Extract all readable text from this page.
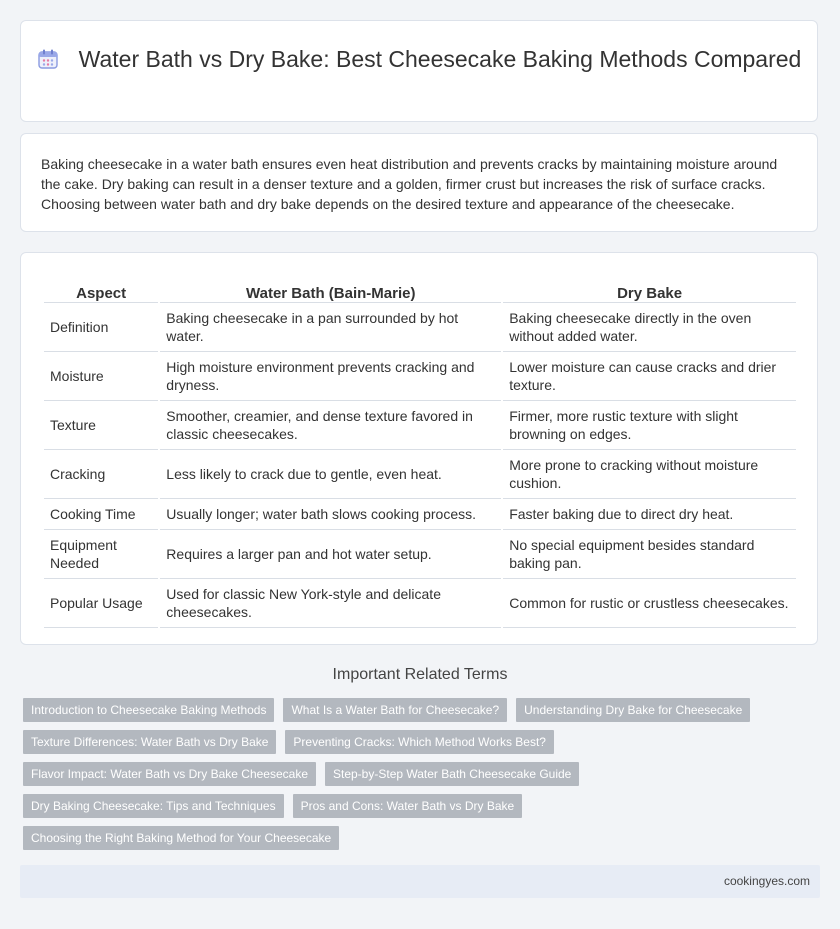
Water Bath vs Dry Bake: Best Cheesecake Baking Methods Compared
Baking cheesecake in a water bath ensures even heat distribution and prevents cracks by maintaining moisture around the cake. Dry baking can result in a denser texture and a golden, firmer crust but increases the risk of surface cracks. Choosing between water bath and dry bake depends on the desired texture and appearance of the cheesecake.
Aspect	Water Bath (Bain-Marie)	Dry Bake
Definition	Baking cheesecake in a pan surrounded by hot water.	Baking cheesecake directly in the oven without added water.
Moisture	High moisture environment prevents cracking and dryness.	Lower moisture can cause cracks and drier texture.
Texture	Smoother, creamier, and dense texture favored in classic cheesecakes.	Firmer, more rustic texture with slight browning on edges.
Cracking	Less likely to crack due to gentle, even heat.	More prone to cracking without moisture cushion.
Cooking Time	Usually longer; water bath slows cooking process.	Faster baking due to direct dry heat.
Equipment Needed	Requires a larger pan and hot water setup.	No special equipment besides standard baking pan.
Popular Usage	Used for classic New York-style and delicate cheesecakes.	Common for rustic or crustless cheesecakes.
Important Related Terms
Introduction to Cheesecake Baking Methods	What Is a Water Bath for Cheesecake?	Understanding Dry Bake for Cheesecake
Texture Differences: Water Bath vs Dry Bake	Preventing Cracks: Which Method Works Best?
Flavor Impact: Water Bath vs Dry Bake Cheesecake	Step-by-Step Water Bath Cheesecake Guide
Dry Baking Cheesecake: Tips and Techniques	Pros and Cons: Water Bath vs Dry Bake
Choosing the Right Baking Method for Your Cheesecake
cookingyes.com
